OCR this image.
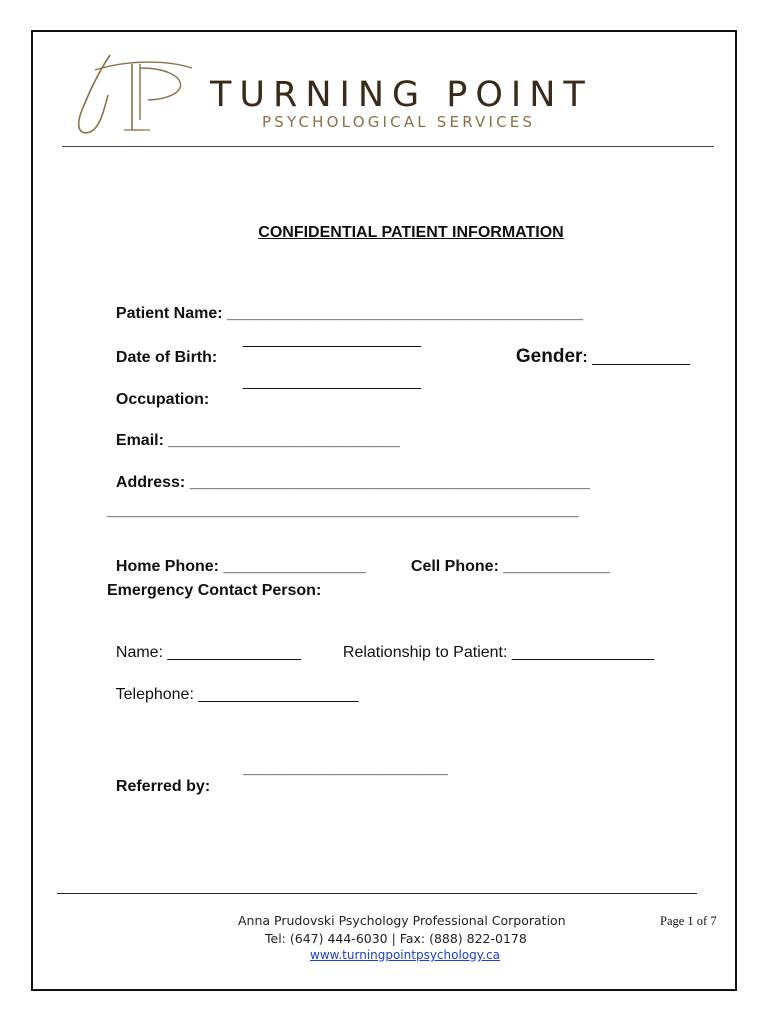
TURNING POINT
PSYCHOLOGICAL SERVICES
CONFIDENTIAL PATIENT INFORMATION

Patient Name: ________________________________________

Date of Birth:

____________________

Gender: ___________

Occupation:

____________________

Email: __________________________

Address: _____________________________________________

_____________________________________________________

Home Phone: ________________	Cell Phone: ____________

Emergency Contact Person:

Name: _______________	Relationship to Patient: ________________

Telephone: __________________

Referred by:

_______________________
Anna Prudovski Psychology Professional Corporation
Tel: (647) 444-6030 | Fax: (888) 822-0178
www.turningpointpsychology.ca
Page 1 of 7
